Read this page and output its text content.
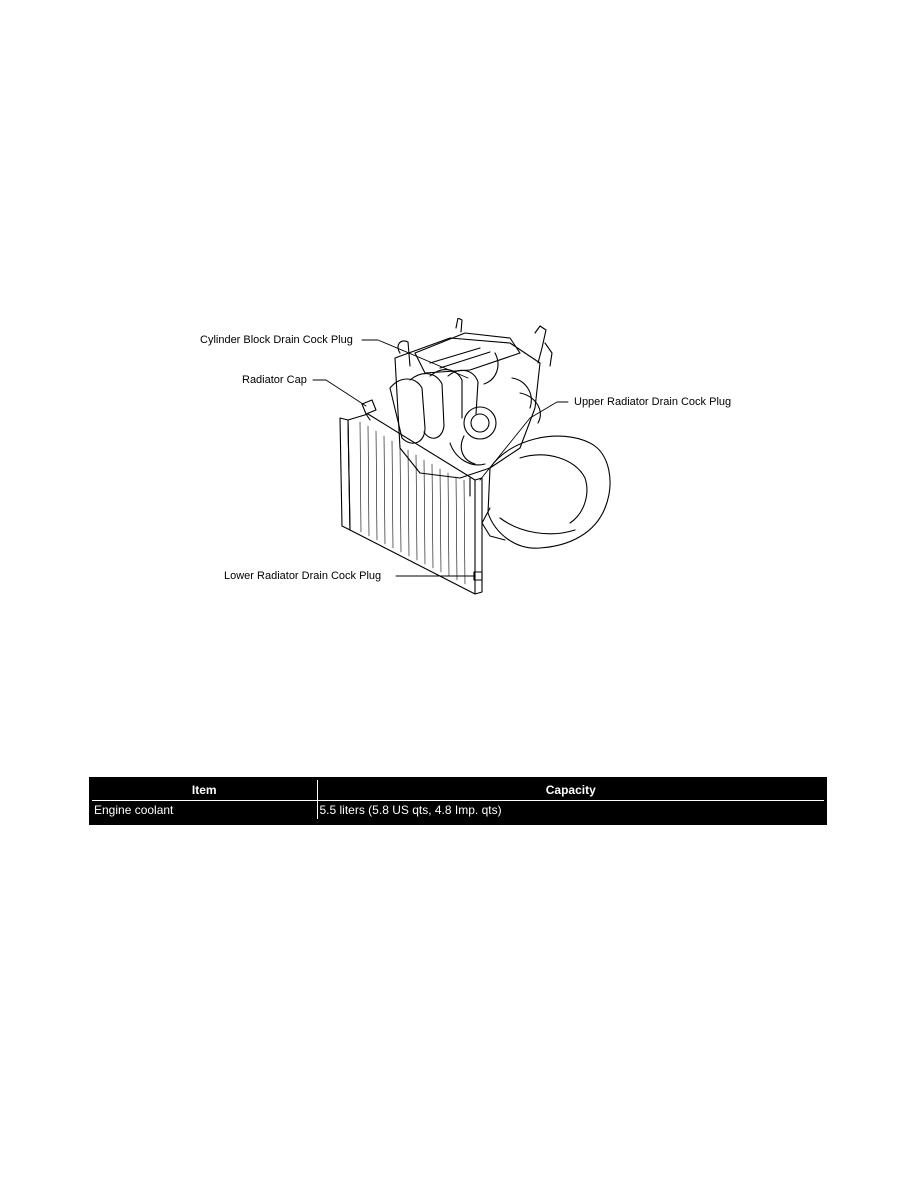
Cylinder Block Drain Cock Plug
Radiator Cap
Upper Radiator Drain Cock Plug
Lower Radiator Drain Cock Plug
Item	Capacity
Engine coolant	5.5 liters (5.8 US qts, 4.8 Imp. qts)
